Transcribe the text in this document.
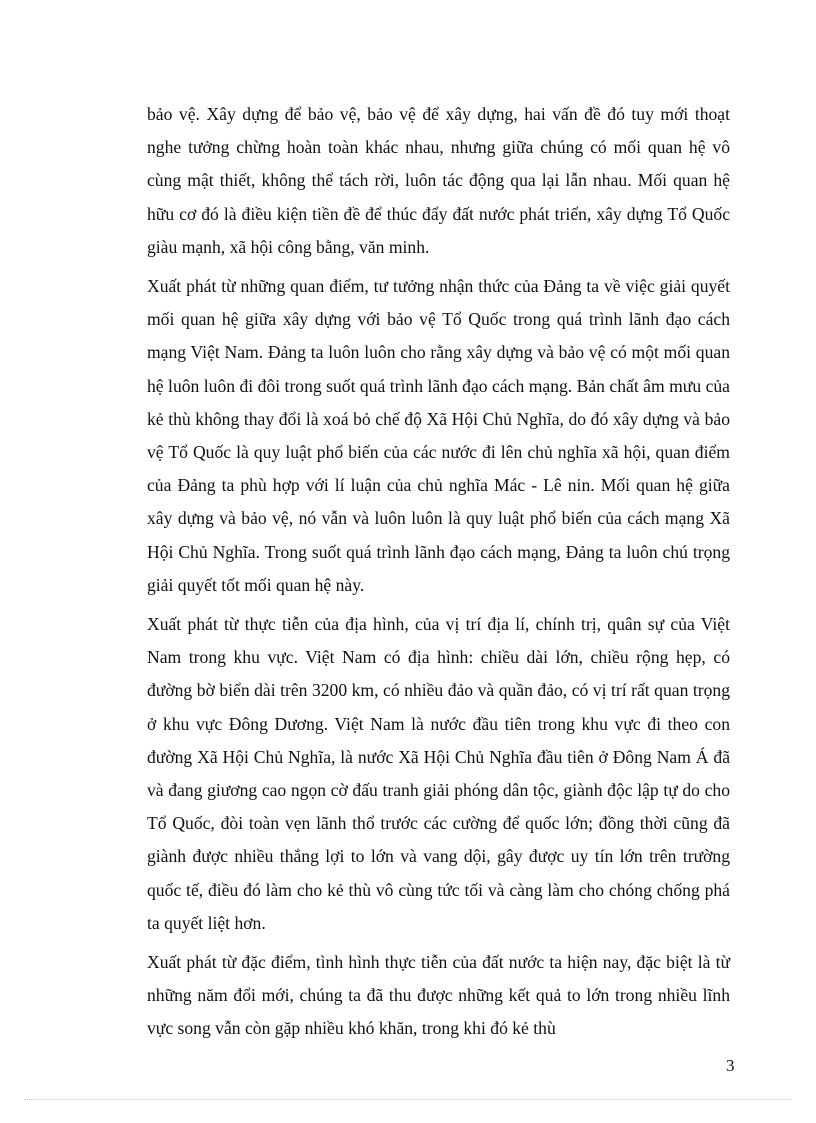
bảo vệ. Xây dựng để bảo vệ, bảo vệ để xây dựng, hai vấn đề đó tuy mới thoạt nghe tưởng chừng hoàn toàn khác nhau, nhưng giữa chúng có mối quan hệ vô cùng mật thiết, không thể tách rời, luôn tác động qua lại lẫn nhau. Mối quan hệ hữu cơ đó là điều kiện tiền đề để thúc đẩy đất nước phát triển, xây dựng Tổ Quốc giàu mạnh, xã hội công bằng, văn minh.

Xuất phát từ những quan điểm, tư tưởng nhận thức của Đảng ta về việc giải quyết mối quan hệ giữa xây dựng với bảo vệ Tổ Quốc trong quá trình lãnh đạo cách mạng Việt Nam. Đảng ta luôn luôn cho rằng xây dựng và bảo vệ có một mối quan hệ luôn luôn đi đôi trong suốt quá trình lãnh đạo cách mạng. Bản chất âm mưu của kẻ thù không thay đổi là xoá bỏ chế độ Xã Hội Chủ Nghĩa, do đó xây dựng và bảo vệ Tổ Quốc là quy luật phổ biến của các nước đi lên chủ nghĩa xã hội, quan điểm của Đảng ta phù hợp với lí luận của chủ nghĩa Mác - Lê nin. Mối quan hệ giữa xây dựng và bảo vệ, nó vẫn và luôn luôn là quy luật phổ biến của cách mạng Xã Hội Chủ Nghĩa. Trong suốt quá trình lãnh đạo cách mạng, Đảng ta luôn chú trọng giải quyết tốt mối quan hệ này.

Xuất phát từ thực tiễn của địa hình, của vị trí địa lí, chính trị, quân sự của Việt Nam trong khu vực. Việt Nam có địa hình: chiều dài lớn, chiều rộng hẹp, có đường bờ biển dài trên 3200 km, có nhiều đảo và quần đảo, có vị trí rất quan trọng ở khu vực Đông Dương. Việt Nam là nước đầu tiên trong khu vực đi theo con đường Xã Hội Chủ Nghĩa, là nước Xã Hội Chủ Nghĩa đầu tiên ở Đông Nam Á đã và đang giương cao ngọn cờ đấu tranh giải phóng dân tộc, giành độc lập tự do cho Tổ Quốc, đòi toàn vẹn lãnh thổ trước các cường để quốc lớn; đồng thời cũng đã giành được nhiều thắng lợi to lớn và vang dội, gây được uy tín lớn trên trường quốc tế, điều đó làm cho kẻ thù vô cùng tức tối và càng làm cho chóng chống phá ta quyết liệt hơn.

Xuất phát từ đặc điểm, tình hình thực tiễn của đất nước ta hiện nay, đặc biệt là từ những năm đổi mới, chúng ta đã thu được những kết quả to lớn trong nhiều lĩnh vực song vẫn còn gặp nhiều khó khăn, trong khi đó kẻ thù

3
